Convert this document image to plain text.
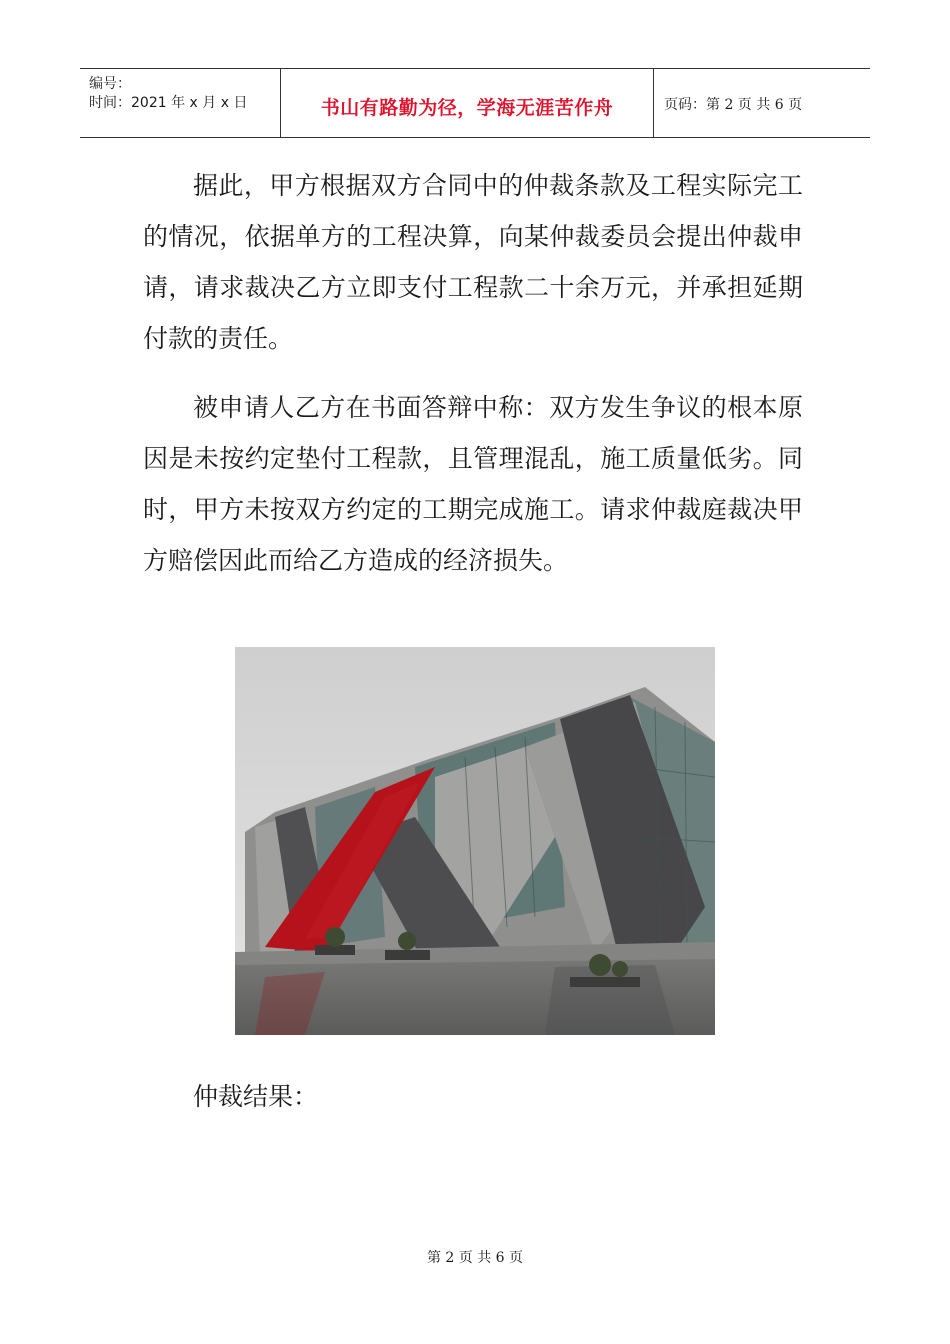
编号：
时间：2021 年 x 月 x 日	书山有路勤为径，学海无涯苦作舟	页码：第 2 页 共 6 页
据此，甲方根据双方合同中的仲裁条款及工程实际完工的情况，依据单方的工程决算，向某仲裁委员会提出仲裁申请，请求裁决乙方立即支付工程款二十余万元，并承担延期付款的责任。
被申请人乙方在书面答辩中称：双方发生争议的根本原因是未按约定垫付工程款，且管理混乱，施工质量低劣。同时，甲方未按双方约定的工期完成施工。请求仲裁庭裁决甲方赔偿因此而给乙方造成的经济损失。
仲裁结果：
第 2 页 共 6 页
